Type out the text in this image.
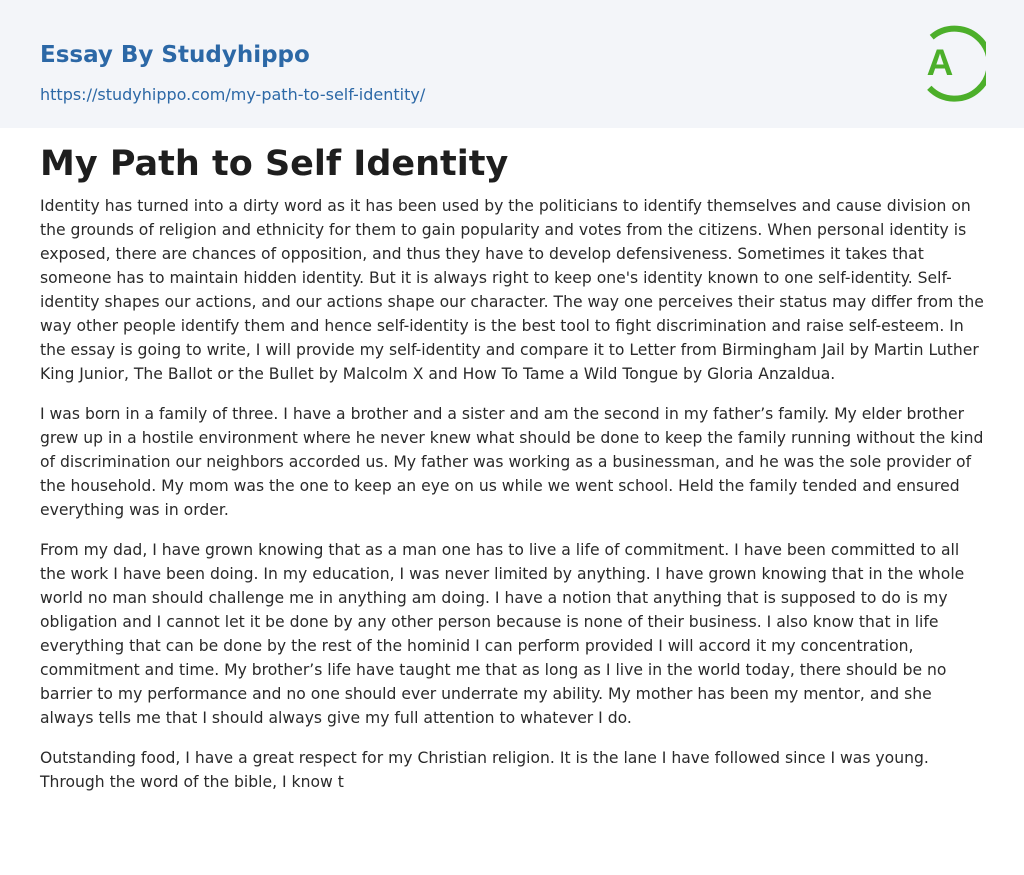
Essay By Studyhippo
https://studyhippo.com/my-path-to-self-identity/
A
My Path to Self Identity

Identity has turned into a dirty word as it has been used by the politicians to identify themselves and cause division on the grounds of religion and ethnicity for them to gain popularity and votes from the citizens. When personal identity is exposed, there are chances of opposition, and thus they have to develop defensiveness. Sometimes it takes that someone has to maintain hidden identity. But it is always right to keep one's identity known to one self-identity. Self-identity shapes our actions, and our actions shape our character. The way one perceives their status may differ from the way other people identify them and hence self-identity is the best tool to fight discrimination and raise self-esteem. In the essay is going to write, I will provide my self-identity and compare it to Letter from Birmingham Jail by Martin Luther King Junior, The Ballot or the Bullet by Malcolm X and How To Tame a Wild Tongue by Gloria Anzaldua.

I was born in a family of three. I have a brother and a sister and am the second in my father’s family. My elder brother grew up in a hostile environment where he never knew what should be done to keep the family running without the kind of discrimination our neighbors accorded us. My father was working as a businessman, and he was the sole provider of the household. My mom was the one to keep an eye on us while we went school. Held the family tended and ensured everything was in order.

From my dad, I have grown knowing that as a man one has to live a life of commitment. I have been committed to all the work I have been doing. In my education, I was never limited by anything. I have grown knowing that in the whole world no man should challenge me in anything am doing. I have a notion that anything that is supposed to do is my obligation and I cannot let it be done by any other person because is none of their business. I also know that in life everything that can be done by the rest of the hominid I can perform provided I will accord it my concentration, commitment and time. My brother’s life have taught me that as long as I live in the world today, there should be no barrier to my performance and no one should ever underrate my ability. My mother has been my mentor, and she always tells me that I should always give my full attention to whatever I do.

Outstanding food, I have a great respect for my Christian religion. It is the lane I have followed since I was young. Through the word of the bible, I know t
